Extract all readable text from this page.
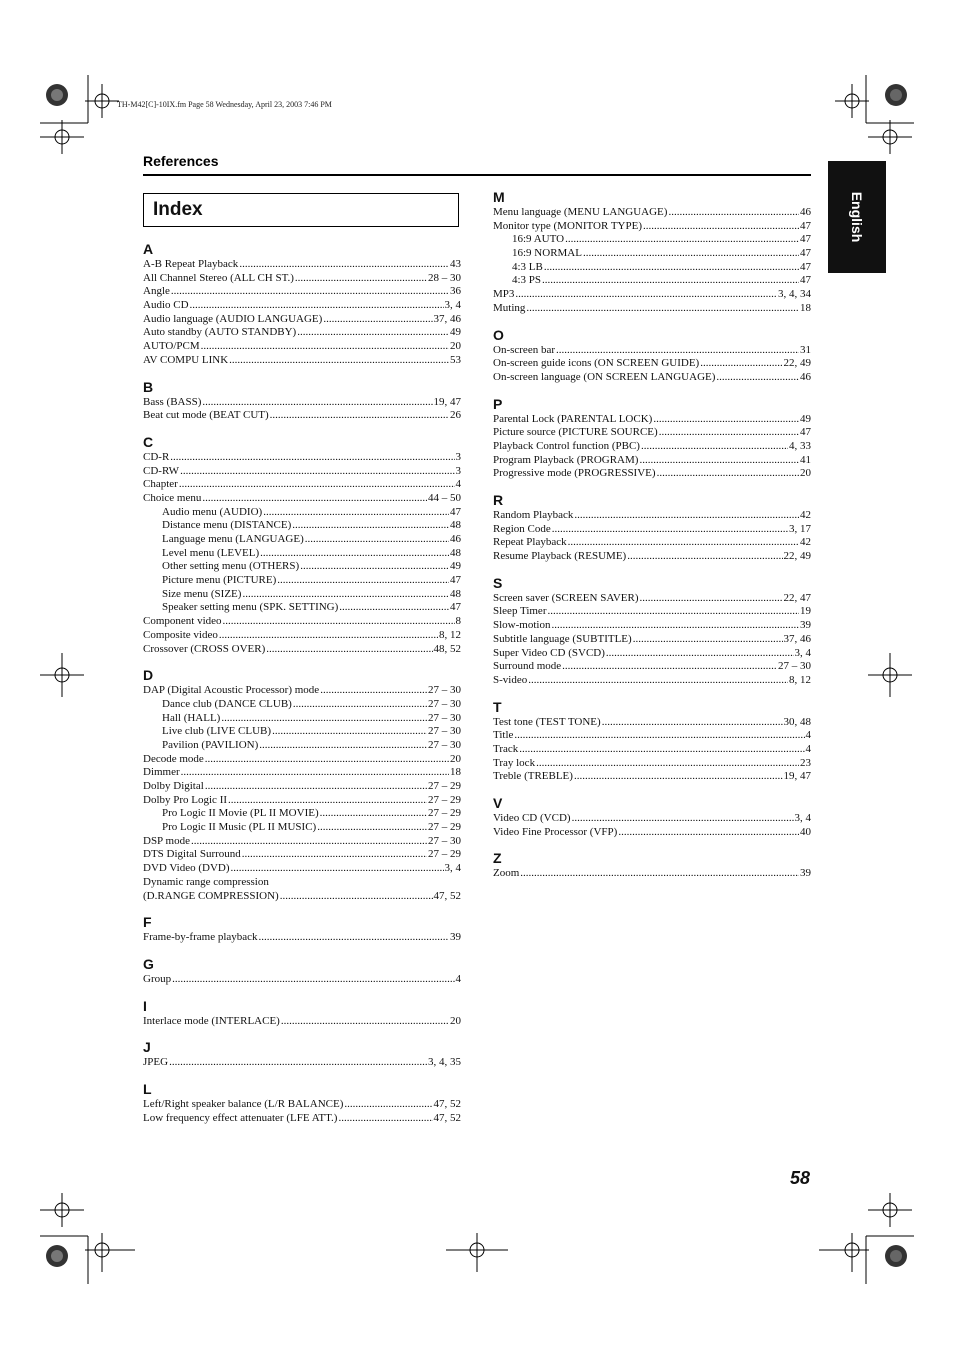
TH-M42[C]-10IX.fm Page 58 Wednesday, April 23, 2003 7:46 PM
References
English
Index
A
A-B Repeat Playback .....	43
All Channel Stereo (ALL CH ST.) .....	28 – 30
Angle .....	36
Audio CD .....	3, 4
Audio language (AUDIO LANGUAGE) .....	37, 46
Auto standby (AUTO STANDBY) .....	49
AUTO/PCM .....	20
AV COMPU LINK .....	53
B
Bass (BASS) .....	19, 47
Beat cut mode (BEAT CUT) .....	26
C
CD-R .....	3
CD-RW .....	3
Chapter .....	4
Choice menu .....	44 – 50
Audio menu (AUDIO) .....	47
Distance menu (DISTANCE) .....	48
Language menu (LANGUAGE) .....	46
Level menu (LEVEL) .....	48
Other setting menu (OTHERS) .....	49
Picture menu (PICTURE) .....	47
Size menu (SIZE) .....	48
Speaker setting menu (SPK. SETTING) .....	47
Component video .....	8
Composite video .....	8, 12
Crossover (CROSS OVER) .....	48, 52
D
DAP (Digital Acoustic Processor) mode .....	27 – 30
Dance club (DANCE CLUB) .....	27 – 30
Hall (HALL) .....	27 – 30
Live club (LIVE CLUB) .....	27 – 30
Pavilion (PAVILION) .....	27 – 30
Decode mode .....	20
Dimmer .....	18
Dolby Digital .....	27 – 29
Dolby Pro Logic II .....	27 – 29
Pro Logic II Movie (PL II MOVIE) .....	27 – 29
Pro Logic II Music (PL II MUSIC) .....	27 – 29
DSP mode .....	27 – 30
DTS Digital Surround .....	27 – 29
DVD Video (DVD) .....	3, 4
Dynamic range compression
(D.RANGE COMPRESSION) .....	47, 52
F
Frame-by-frame playback .....	39
G
Group .....	4
I
Interlace mode (INTERLACE) .....	20
J
JPEG .....	3, 4, 35
L
Left/Right speaker balance (L/R BALANCE) .....	47, 52
Low frequency effect attenuater (LFE ATT.) .....	47, 52
M
Menu language (MENU LANGUAGE) .....	46
Monitor type (MONITOR TYPE) .....	47
16:9 AUTO .....	47
16:9 NORMAL .....	47
4:3 LB .....	47
4:3 PS .....	47
MP3 .....	3, 4, 34
Muting .....	18
O
On-screen bar .....	31
On-screen guide icons (ON SCREEN GUIDE) .....	22, 49
On-screen language (ON SCREEN LANGUAGE) .....	46
P
Parental Lock (PARENTAL LOCK) .....	49
Picture source (PICTURE SOURCE) .....	47
Playback Control function (PBC) .....	4, 33
Program Playback (PROGRAM) .....	41
Progressive mode (PROGRESSIVE) .....	20
R
Random Playback .....	42
Region Code .....	3, 17
Repeat Playback .....	42
Resume Playback (RESUME) .....	22, 49
S
Screen saver (SCREEN SAVER) .....	22, 47
Sleep Timer .....	19
Slow-motion .....	39
Subtitle language (SUBTITLE) .....	37, 46
Super Video CD (SVCD) .....	3, 4
Surround mode .....	27 – 30
S-video .....	8, 12
T
Test tone (TEST TONE) .....	30, 48
Title .....	4
Track .....	4
Tray lock .....	23
Treble (TREBLE) .....	19, 47
V
Video CD (VCD) .....	3, 4
Video Fine Processor (VFP) .....	40
Z
Zoom .....	39
58
